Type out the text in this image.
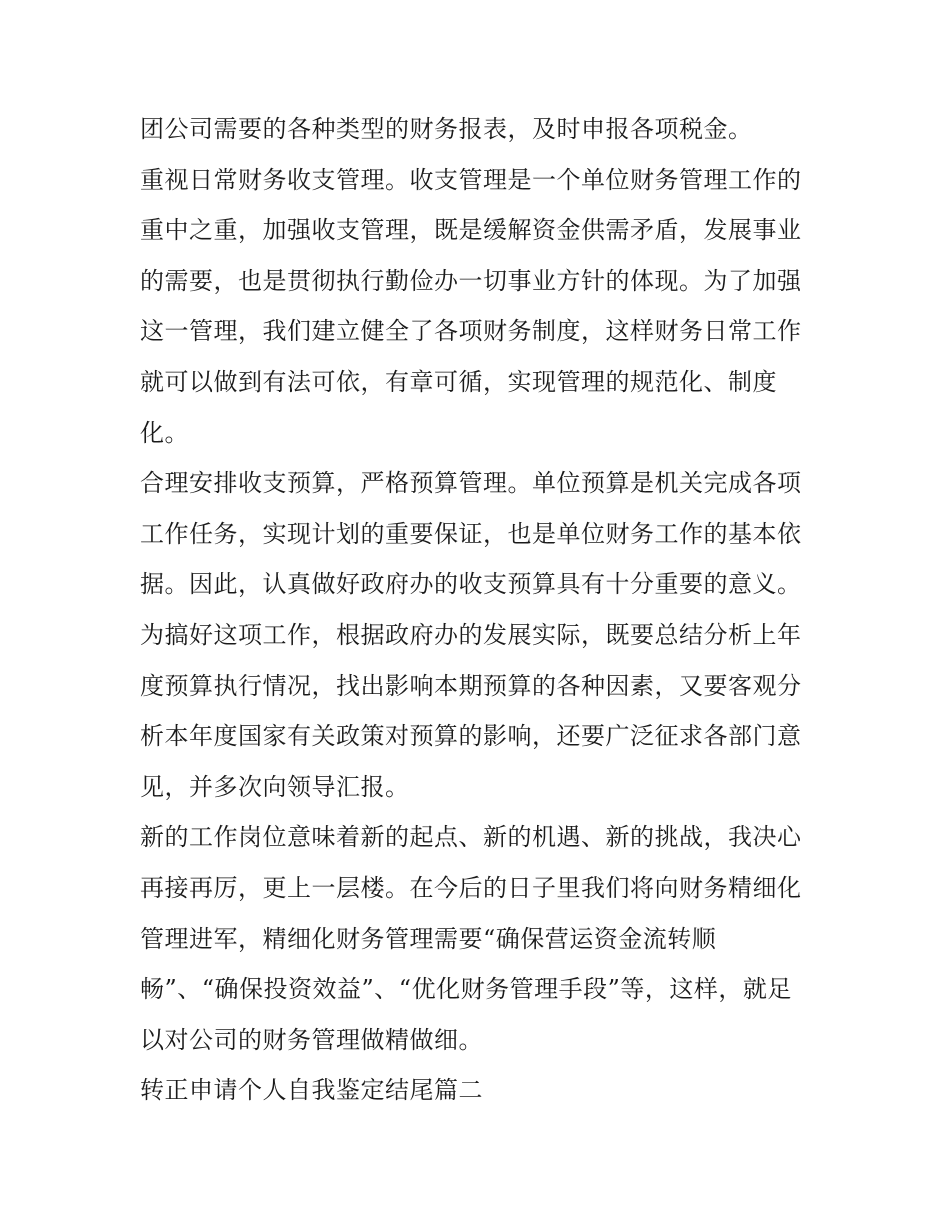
团公司需要的各种类型的财务报表，及时申报各项税金。
重视日常财务收支管理。收支管理是一个单位财务管理工作的
重中之重，加强收支管理，既是缓解资金供需矛盾，发展事业
的需要，也是贯彻执行勤俭办一切事业方针的体现。为了加强
这一管理，我们建立健全了各项财务制度，这样财务日常工作
就可以做到有法可依，有章可循，实现管理的规范化、制度
化。
合理安排收支预算，严格预算管理。单位预算是机关完成各项
工作任务，实现计划的重要保证，也是单位财务工作的基本依
据。因此，认真做好政府办的收支预算具有十分重要的意义。
为搞好这项工作，根据政府办的发展实际，既要总结分析上年
度预算执行情况，找出影响本期预算的各种因素，又要客观分
析本年度国家有关政策对预算的影响，还要广泛征求各部门意
见，并多次向领导汇报。
新的工作岗位意味着新的起点、新的机遇、新的挑战，我决心
再接再厉，更上一层楼。在今后的日子里我们将向财务精细化
管理进军，精细化财务管理需要“确保营运资金流转顺
畅”、“确保投资效益”、“优化财务管理手段”等，这样，就足
以对公司的财务管理做精做细。
转正申请个人自我鉴定结尾篇二
